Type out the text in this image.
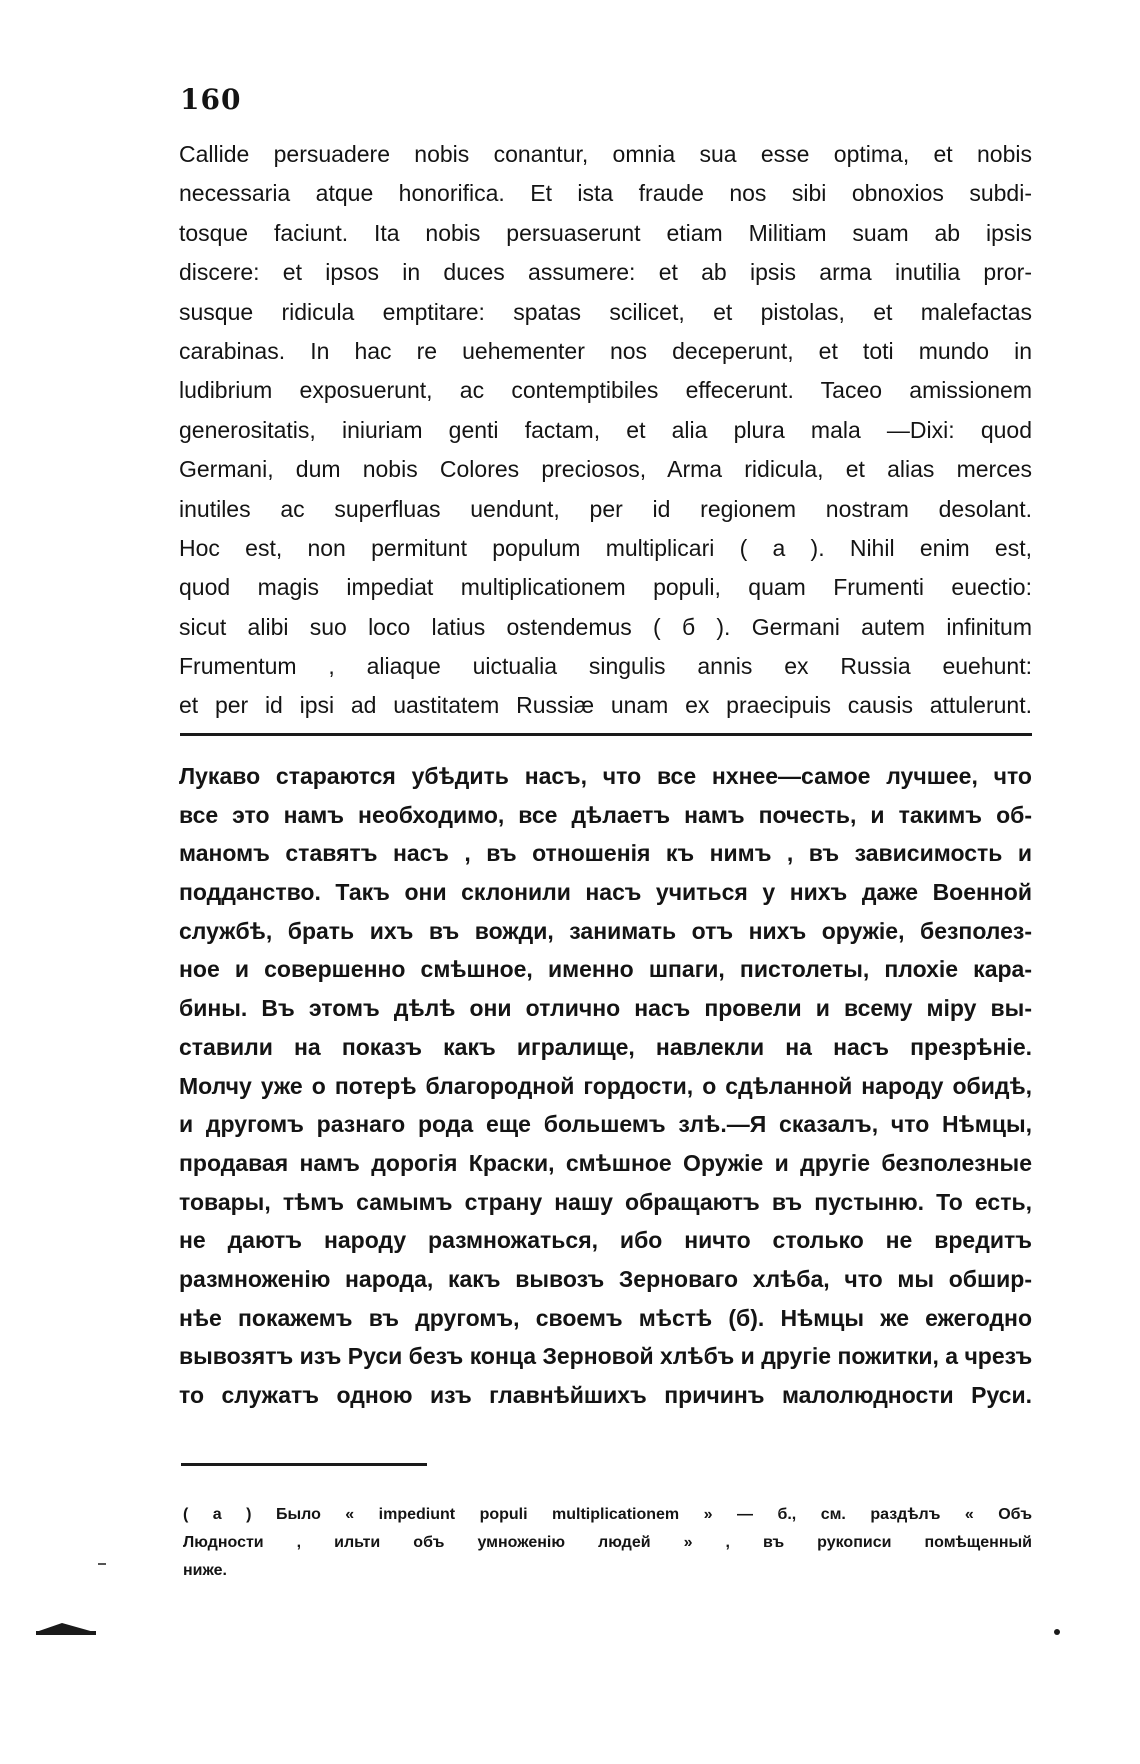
160
Callide persuadere nobis conantur, omnia sua esse optima, et nobis
necessaria atque honorifica. Et ista fraude nos sibi obnoxios subdi-
tosque faciunt. Ita nobis persuaserunt etiam Militiam suam ab ipsis
discere: et ipsos in duces assumere: et ab ipsis arma inutilia pror-
susque ridicula emptitare: spatas scilicet, et pistolas, et malefactas
carabinas. In hac re uehementer nos deceperunt, et toti mundo in
ludibrium exposuerunt, ac contemptibiles effecerunt. Taceo amissionem
generositatis, iniuriam genti factam, et alia plura mala —Dixi: quod
Germani, dum nobis Colores preciosos, Arma ridicula, et alias merces
inutiles ac superfluas uendunt, per id regionem nostram desolant.
Hoc est, non permitunt populum multiplicari ( a ). Nihil enim est,
quod magis impediat multiplicationem populi, quam Frumenti euectio:
sicut alibi suo loco latius ostendemus ( б ). Germani autem infinitum
Frumentum , aliaque uictualia singulis annis ex Russia euehunt:
et per id ipsi ad uastitatem Russiæ unam ex praecipuis causis attulerunt.
Лукаво стараются убѣдить насъ, что все нхнее—самое лучшее, что
все это намъ необходимо, все дѣлаетъ намъ почесть, и такимъ об-
маномъ ставятъ насъ , въ отношенія къ нимъ , въ зависимость и
подданство. Такъ они склонили насъ учиться у нихъ даже Военной
службѣ, брать ихъ въ вожди, занимать отъ нихъ оружіе, безполез-
ное и совершенно смѣшное, именно шпаги, пистолеты, плохіе кара-
бины. Въ этомъ дѣлѣ они отлично насъ провели и всему міру вы-
ставили на показъ какъ игралище, навлекли на насъ презрѣніе.
Молчу уже о потерѣ благородной гордости, о сдѣланной народу обидѣ,
и другомъ разнаго рода еще большемъ злѣ.—Я сказалъ, что Нѣмцы,
продавая намъ дорогія Краски, смѣшное Оружіе и другіе безполезные
товары, тѣмъ самымъ страну нашу обращаютъ въ пустыню. То есть,
не даютъ народу размножаться, ибо ничто столько не вредитъ
размноженію народа, какъ вывозъ Зерноваго хлѣба, что мы обшир-
нѣе покажемъ въ другомъ, своемъ мѣстѣ (б). Нѣмцы же ежегодно
вывозятъ изъ Руси безъ конца Зерновой хлѣбъ и другіе пожитки, а чрезъ
то служатъ одною изъ главнѣйшихъ причинъ малолюдности Руси.
( а ) Было « impediunt populi multiplicationem » — б., см. раздѣлъ « Объ
Людности , ильти объ умноженію людей » , въ рукописи помѣщенный
ниже.
